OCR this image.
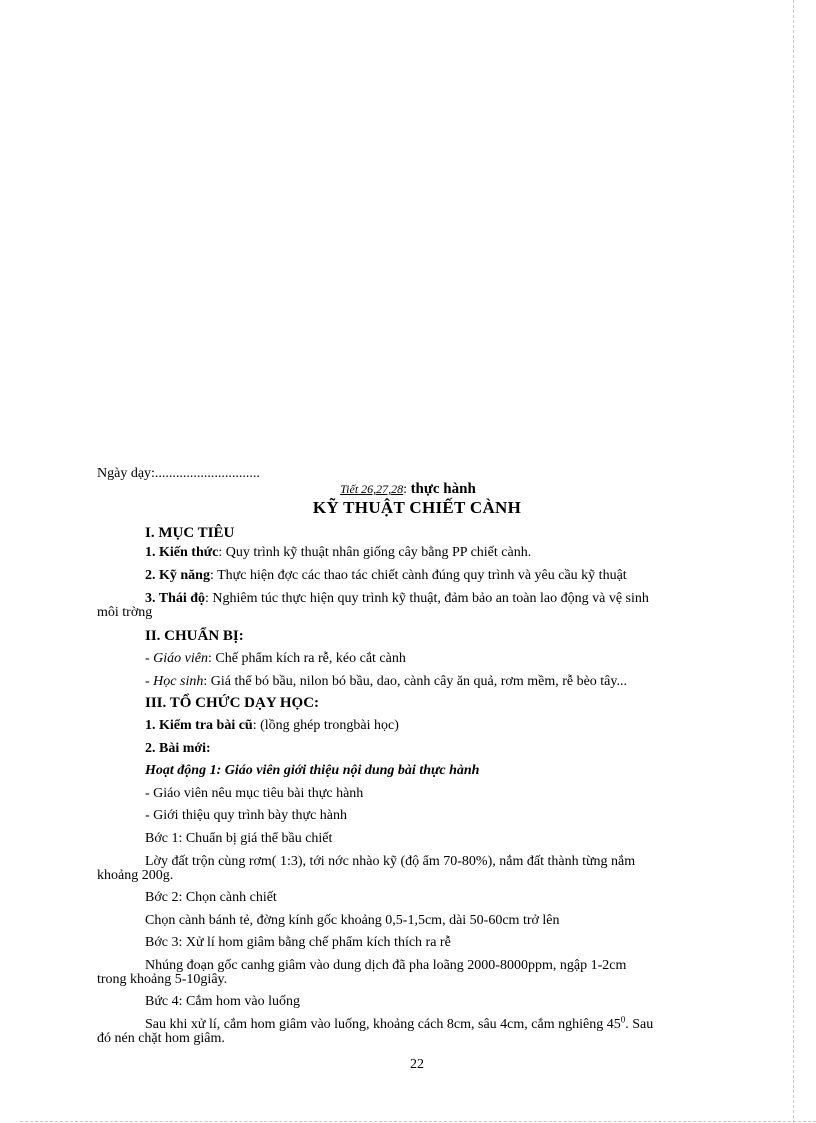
Ngày dạy:..............................
Tiết 26,27,28: thực hành
KỸ THUẬT CHIẾT CÀNH
I. MỤC TIÊU
1. Kiến thức: Quy trình kỹ thuật nhân giống cây bằng PP chiết cành.
2. Kỹ năng: Thực hiện đợc các thao tác chiết cành đúng quy trình và yêu cầu kỹ thuật
3. Thái độ: Nghiêm túc thực hiện quy trình kỹ thuật, đảm bảo an toàn lao động và vệ sinh
môi trờng
II. CHUẨN BỊ:
- Giáo viên: Chế phẩm kích ra rễ, kéo cắt cành
- Học sinh: Giá thể bó bầu, nilon bó bầu, dao, cành cây ăn quả, rơm mềm, rễ bèo tây...
III. TỔ CHỨC DẠY HỌC:
1. Kiểm tra bài cũ: (lồng ghép trongbài học)
2. Bài mới:
Hoạt động 1: Giáo viên giới thiệu nội dung bài thực hành
- Giáo viên nêu mục tiêu bài thực hành
- Giới thiệu quy trình bày thực hành
Bớc 1: Chuẩn bị giá thể bầu chiết
Lờy đất trộn cùng rơm( 1:3), tới nớc nhào kỹ (độ ẩm 70-80%), nắm đất thành từng nắm
khoảng 200g.
Bớc 2: Chọn cành chiết
Chọn cành bánh tẻ, đờng kính gốc khoảng 0,5-1,5cm, dài 50-60cm trở lên
Bớc 3: Xử lí hom giâm bằng chế phẩm kích thích ra rễ
Nhúng đoạn gốc canhg giâm vào dung dịch đã pha loãng 2000-8000ppm, ngập 1-2cm
trong khoảng 5-10giây.
Bức 4: Cắm hom vào luống
Sau khi xử lí, cắm hom giâm vào luống, khoảng cách 8cm, sâu 4cm, cắm nghiêng $45^0$. Sau
đó nén chặt hom giâm.
22
